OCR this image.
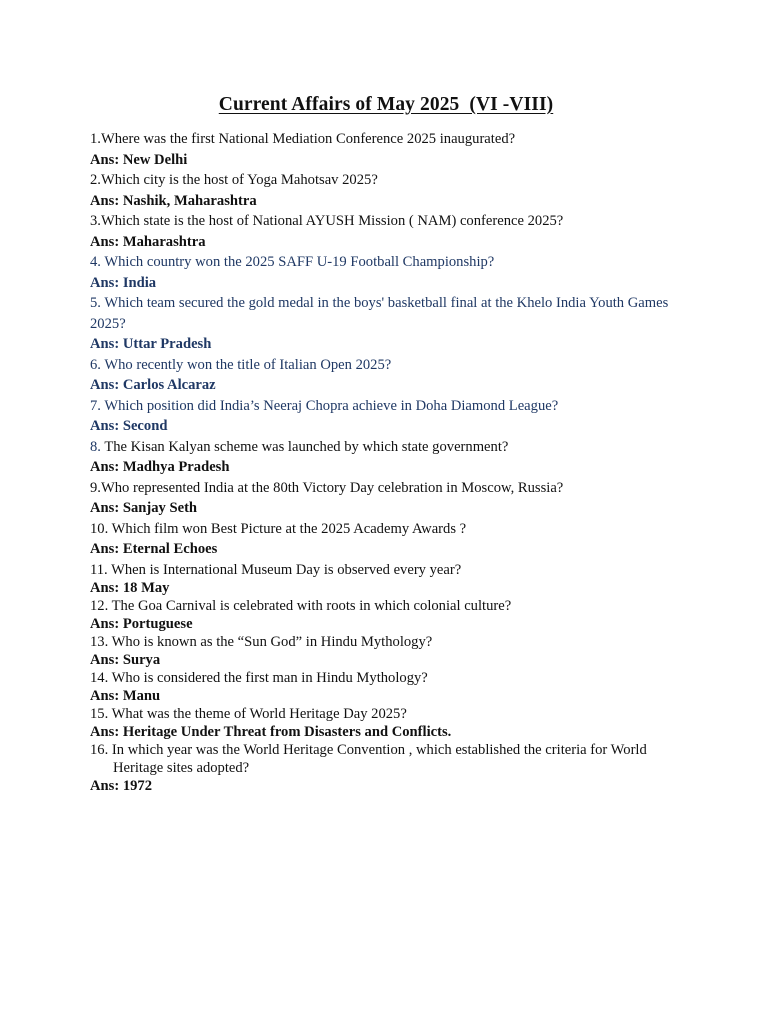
Current Affairs of May 2025  (VI -VIII)

1.Where was the first National Mediation Conference 2025 inaugurated?

Ans: New Delhi

2.Which city is the host of Yoga Mahotsav 2025?

Ans: Nashik, Maharashtra

3.Which state is the host of National AYUSH Mission ( NAM) conference 2025?

Ans: Maharashtra

4. Which country won the 2025 SAFF U-19 Football Championship?

Ans: India

5. Which team secured the gold medal in the boys' basketball final at the Khelo India Youth Games 2025?

Ans: Uttar Pradesh

6. Who recently won the title of Italian Open 2025?

Ans: Carlos Alcaraz

7. Which position did India’s Neeraj Chopra achieve in Doha Diamond League?

Ans: Second

8. The Kisan Kalyan scheme was launched by which state government?

Ans: Madhya Pradesh

9.Who represented India at the 80th Victory Day celebration in Moscow, Russia?

Ans: Sanjay Seth

10. Which film won Best Picture at the 2025 Academy Awards ?

Ans: Eternal Echoes

11. When is International Museum Day is observed every year?

Ans: 18 May

12. The Goa Carnival is celebrated with roots in which colonial culture?

Ans: Portuguese

13. Who is known as the “Sun God” in Hindu Mythology?

Ans: Surya

14. Who is considered the first man in Hindu Mythology?

Ans: Manu

15. What was the theme of World Heritage Day 2025?

Ans: Heritage Under Threat from Disasters and Conflicts.

16. In which year was the World Heritage Convention , which established the criteria for World Heritage sites adopted?

Ans: 1972
